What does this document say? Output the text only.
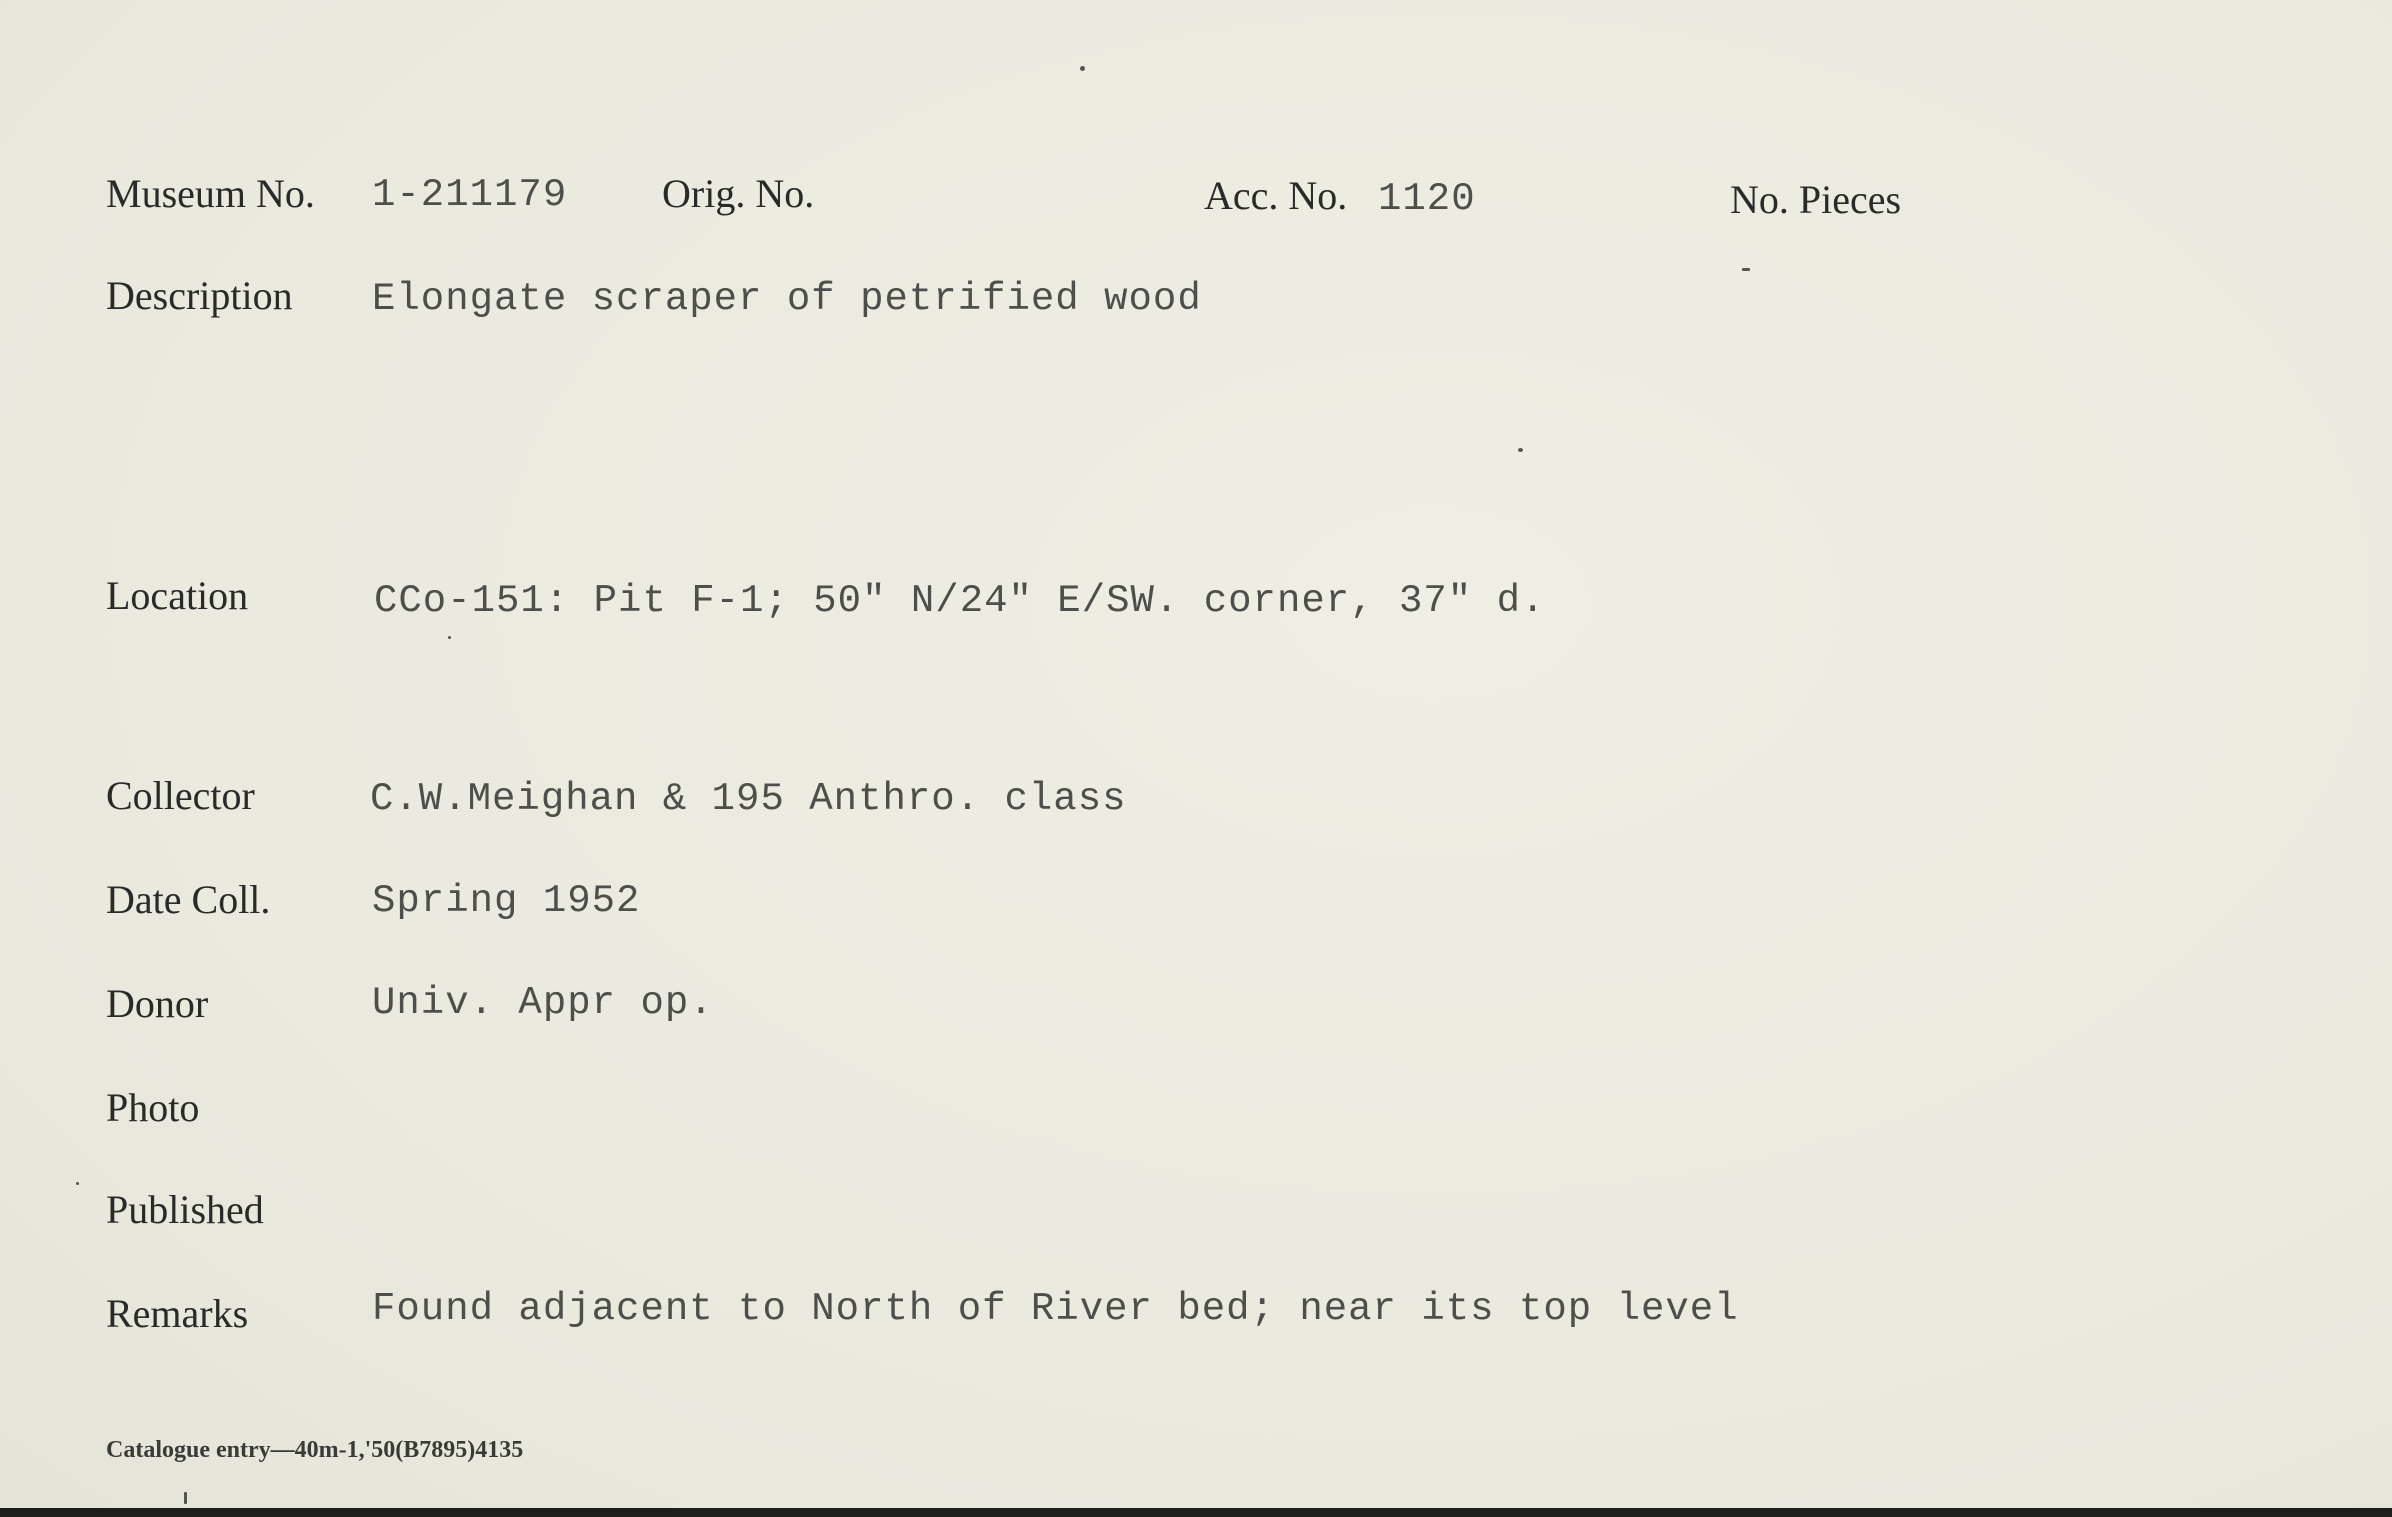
Museum No. 1-211179 Orig. No.	Acc. No. 1120	No. Pieces
Description Elongate scraper of petrified wood
Location	CCo-151: Pit F-1; 50" N/24" E/SW. corner, 37" d.
Collector	C.W.Meighan & 195 Anthro. class
Date Coll.	Spring 1952
Donor	Univ. Appr op.
Photo
Published
Remarks	Found adjacent to North of River bed; near its top level
Catalogue entry—40m-1,'50(B7895)4135
